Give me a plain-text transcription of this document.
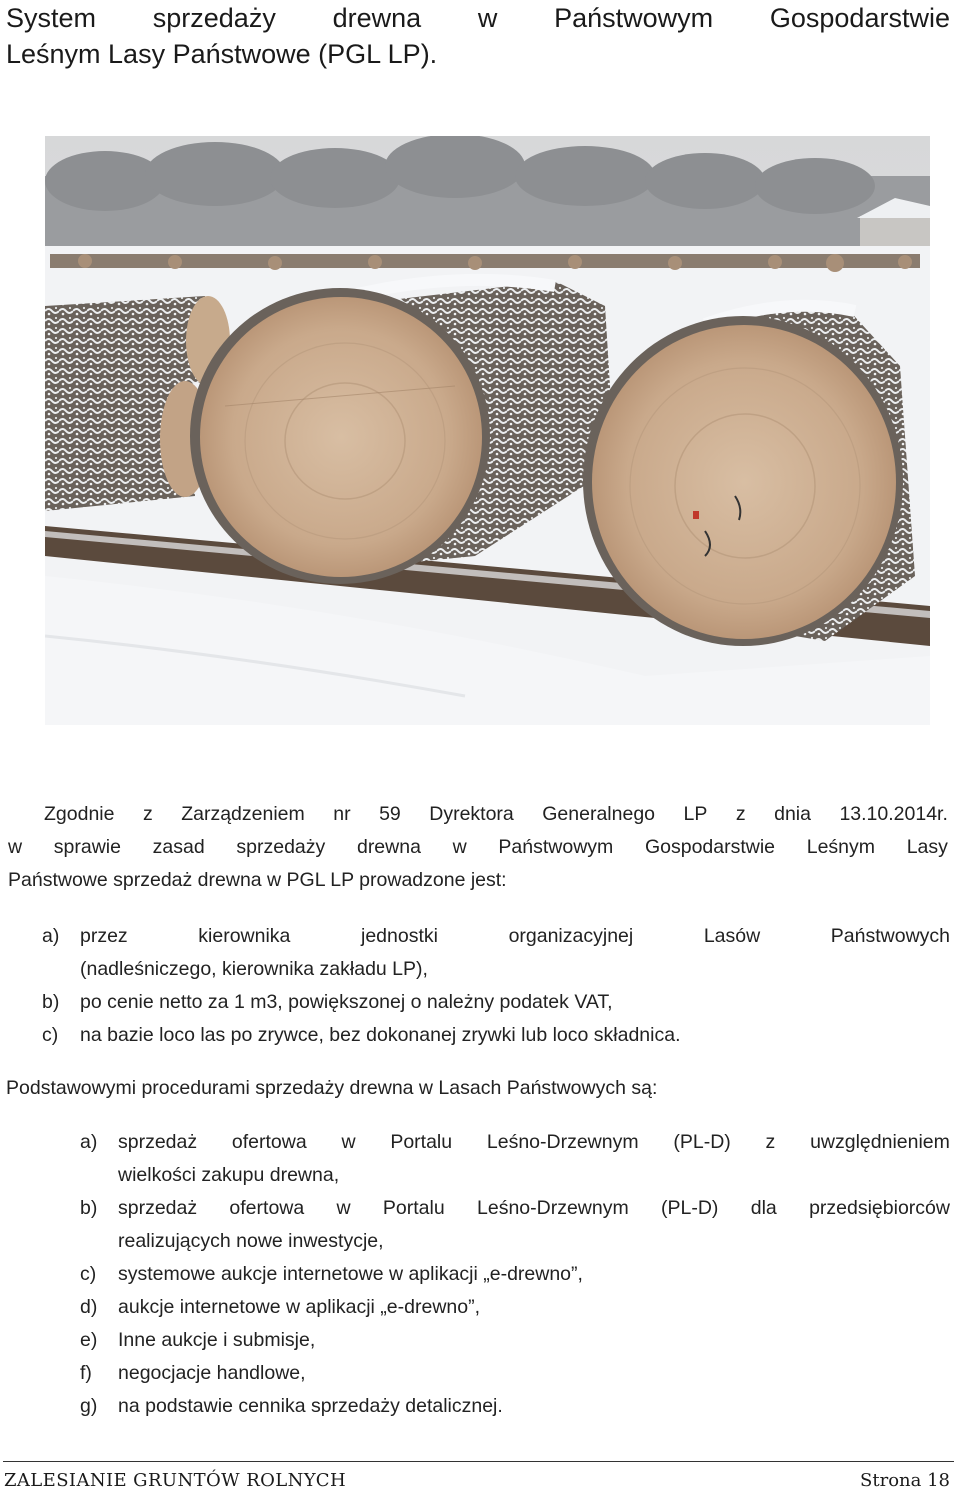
System sprzedaży drewna w Państwowym Gospodarstwie
Leśnym Lasy Państwowe (PGL LP).
Zgodnie z Zarządzeniem nr 59 Dyrektora Generalnego LP z dnia 13.10.2014r.
w sprawie zasad sprzedaży drewna w Państwowym Gospodarstwie Leśnym Lasy
Państwowe sprzedaż drewna w PGL LP prowadzone jest:
a)	przez	kierownika	jednostki	organizacyjnej	Lasów	Państwowych
(nadleśniczego, kierownika zakładu LP),
b)	po cenie netto za 1 m3, powiększonej o należny podatek VAT,
c)	na bazie loco las po zrywce, bez dokonanej zrywki lub loco składnica.
Podstawowymi procedurami sprzedaży drewna w Lasach Państwowych są:
a)	sprzedaż ofertowa w Portalu Leśno-Drzewnym (PL-D) z uwzględnieniem
wielkości zakupu drewna,
b)	sprzedaż ofertowa w Portalu Leśno-Drzewnym (PL-D) dla przedsiębiorców
realizujących nowe inwestycje,
c)	systemowe aukcje internetowe w aplikacji „e-drewno”,
d)	aukcje internetowe w aplikacji „e-drewno”,
e)	Inne aukcje i submisje,
f)	negocjacje handlowe,
g)	na podstawie cennika sprzedaży detalicznej.
ZALESIANIE GRUNTÓW ROLNYCH	Strona 18
